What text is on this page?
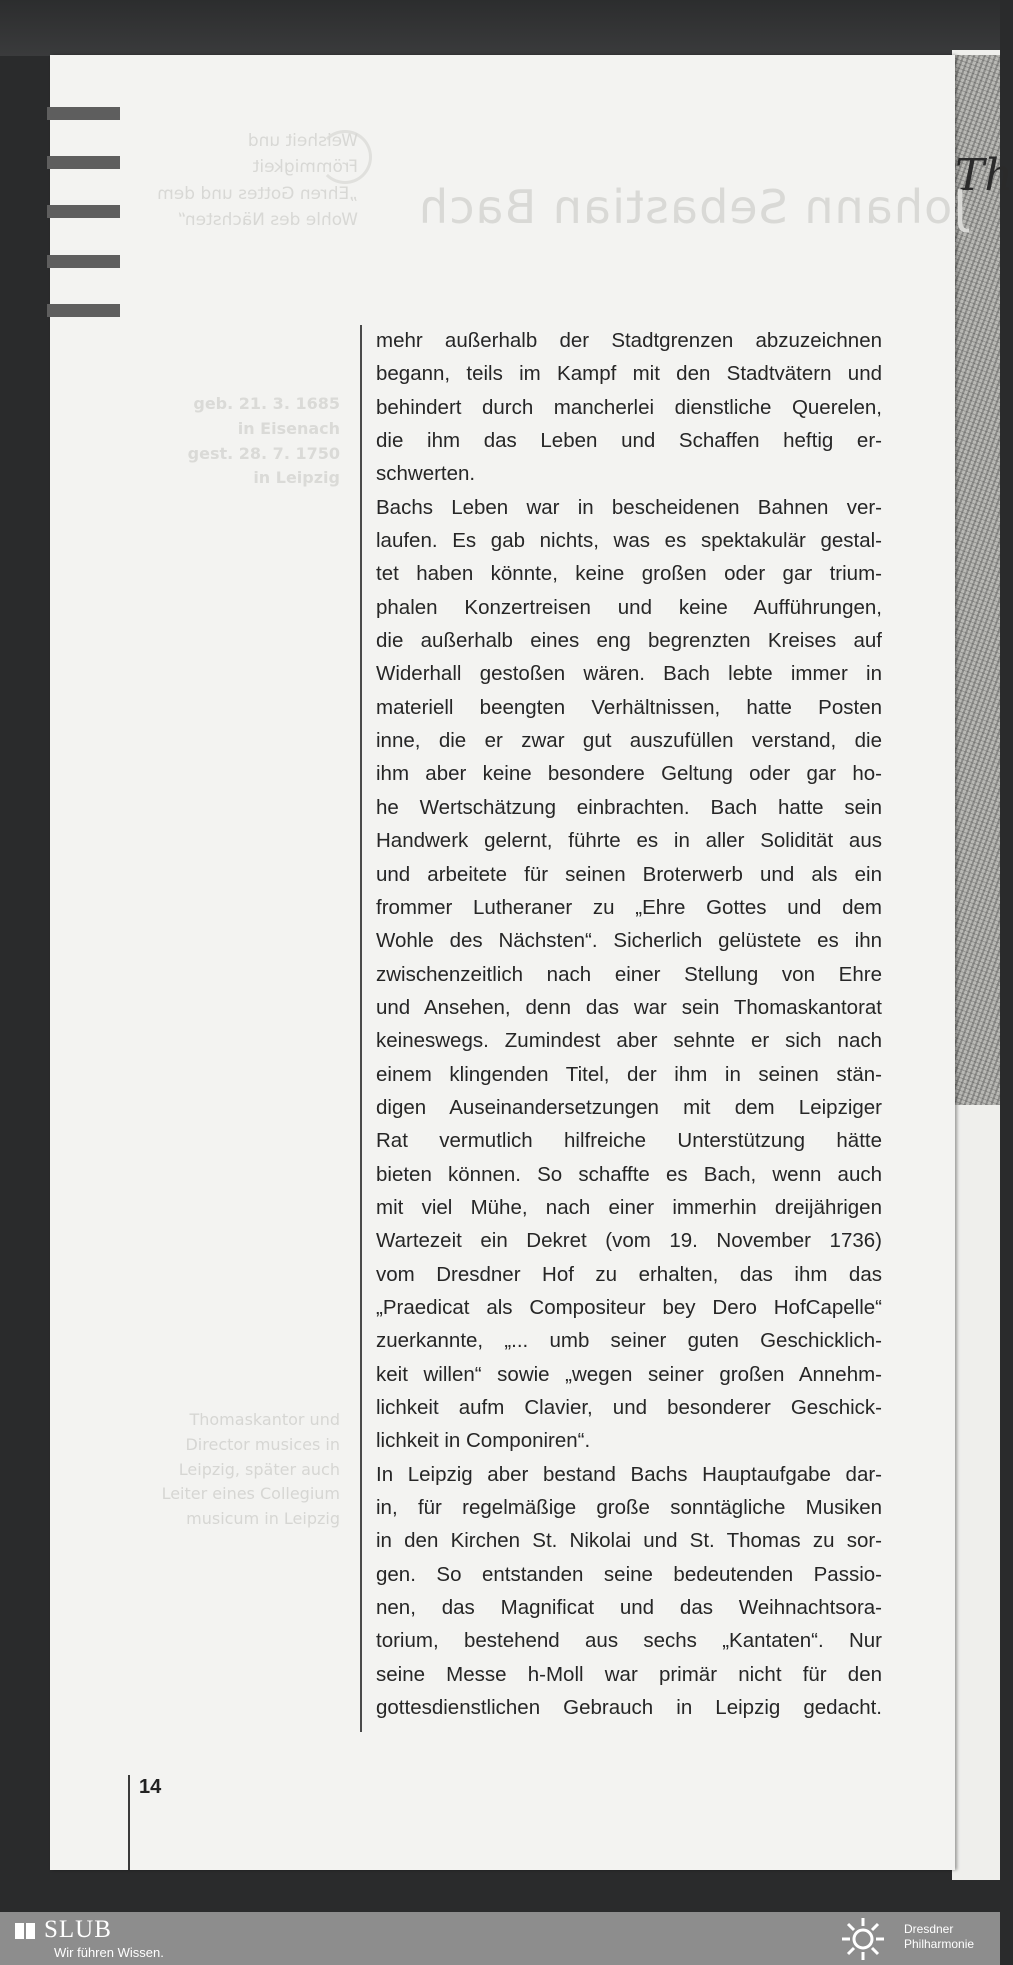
Th
Johann Sebastian Bach
Weisheit und
Frömmigkeit
„Ehren Gottes und dem
Wohle des Nächsten“
geb. 21. 3. 1685
in Eisenach
gest. 28. 7. 1750
in Leipzig
Thomaskantor und
Director musices in
Leipzig, später auch
Leiter eines Collegium
musicum in Leipzig
mehr außerhalb der Stadtgrenzen abzuzeichnen
begann, teils im Kampf mit den Stadtvätern und
behindert durch mancherlei dienstliche Querelen,
die ihm das Leben und Schaffen heftig er-
schwerten.
Bachs Leben war in bescheidenen Bahnen ver-
laufen. Es gab nichts, was es spektakulär gestal-
tet haben könnte, keine großen oder gar trium-
phalen Konzertreisen und keine Aufführungen,
die außerhalb eines eng begrenzten Kreises auf
Widerhall gestoßen wären. Bach lebte immer in
materiell beengten Verhältnissen, hatte Posten
inne, die er zwar gut auszufüllen verstand, die
ihm aber keine besondere Geltung oder gar ho-
he Wertschätzung einbrachten. Bach hatte sein
Handwerk gelernt, führte es in aller Solidität aus
und arbeitete für seinen Broterwerb und als ein
frommer Lutheraner zu „Ehre Gottes und dem
Wohle des Nächsten“. Sicherlich gelüstete es ihn
zwischenzeitlich nach einer Stellung von Ehre
und Ansehen, denn das war sein Thomaskantorat
keineswegs. Zumindest aber sehnte er sich nach
einem klingenden Titel, der ihm in seinen stän-
digen Auseinandersetzungen mit dem Leipziger
Rat vermutlich hilfreiche Unterstützung hätte
bieten können. So schaffte es Bach, wenn auch
mit viel Mühe, nach einer immerhin dreijährigen
Wartezeit ein Dekret (vom 19. November 1736)
vom Dresdner Hof zu erhalten, das ihm das
„Praedicat als Compositeur bey Dero HofCapelle“
zuerkannte, „... umb seiner guten Geschicklich-
keit willen“ sowie „wegen seiner großen Annehm-
lichkeit aufm Clavier, und besonderer Geschick-
lichkeit in Componiren“.
In Leipzig aber bestand Bachs Hauptaufgabe dar-
in, für regelmäßige große sonntägliche Musiken
in den Kirchen St. Nikolai und St. Thomas zu sor-
gen. So entstanden seine bedeutenden Passio-
nen, das Magnificat und das Weihnachtsora-
torium, bestehend aus sechs „Kantaten“. Nur
seine Messe h-Moll war primär nicht für den
gottesdienstlichen Gebrauch in Leipzig gedacht.
14
SLUB
Wir führen Wissen.
Dresdner
Philharmonie
